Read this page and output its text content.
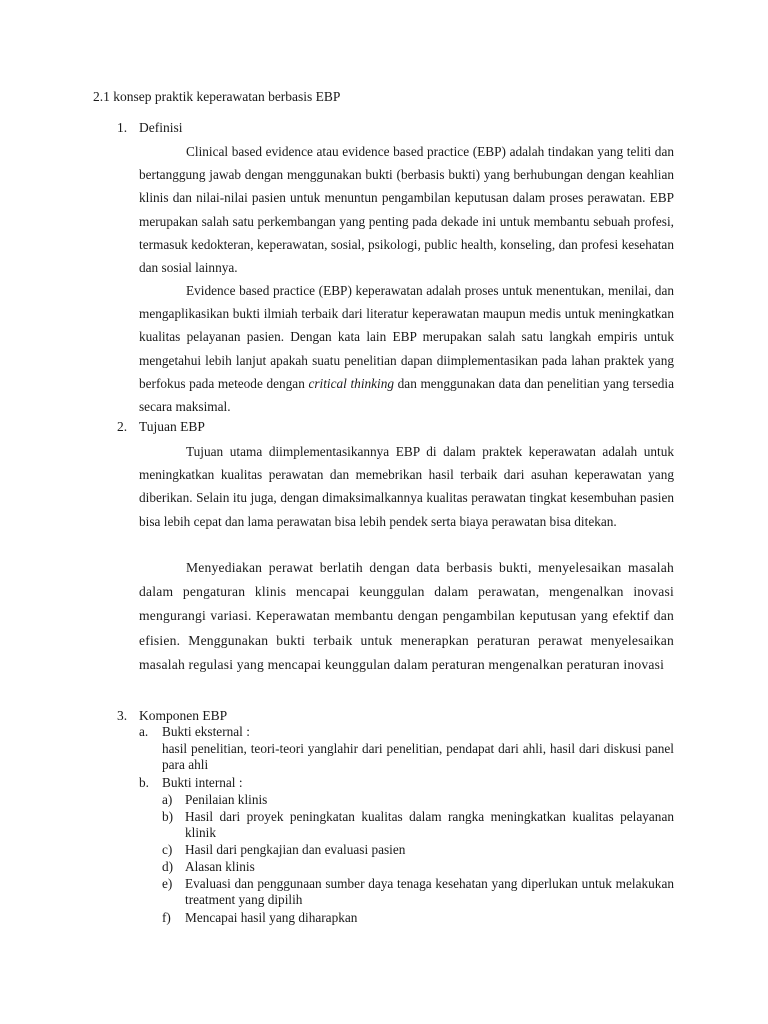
2.1 konsep praktik keperawatan berbasis EBP
1. Definisi
Clinical based evidence atau evidence based practice (EBP) adalah tindakan yang teliti dan bertanggung jawab dengan menggunakan bukti (berbasis bukti) yang berhubungan dengan keahlian klinis dan nilai-nilai pasien untuk menuntun pengambilan keputusan dalam proses perawatan. EBP merupakan salah satu perkembangan yang penting pada dekade ini untuk membantu sebuah profesi, termasuk kedokteran, keperawatan, sosial, psikologi, public health, konseling, dan profesi kesehatan dan sosial lainnya.
Evidence based practice (EBP) keperawatan adalah proses untuk menentukan, menilai, dan mengaplikasikan bukti ilmiah terbaik dari literatur keperawatan maupun medis untuk meningkatkan kualitas pelayanan pasien. Dengan kata lain EBP merupakan salah satu langkah empiris untuk mengetahui lebih lanjut apakah suatu penelitian dapan diimplementasikan pada lahan praktek yang berfokus pada meteode dengan critical thinking dan menggunakan data dan penelitian yang tersedia secara maksimal.
2. Tujuan EBP
Tujuan utama diimplementasikannya EBP di dalam praktek keperawatan adalah untuk meningkatkan kualitas perawatan dan memebrikan hasil terbaik dari asuhan keperawatan yang diberikan. Selain itu juga, dengan dimaksimalkannya kualitas perawatan tingkat kesembuhan pasien bisa lebih cepat dan lama perawatan bisa lebih pendek serta biaya perawatan bisa ditekan.
Menyediakan perawat berlatih dengan data berbasis bukti, menyelesaikan masalah dalam pengaturan klinis mencapai keunggulan dalam perawatan, mengenalkan inovasi mengurangi variasi. Keperawatan membantu dengan pengambilan keputusan yang efektif dan efisien. Menggunakan bukti terbaik untuk menerapkan peraturan perawat menyelesaikan masalah regulasi yang mencapai keunggulan dalam peraturan mengenalkan peraturan inovasi
3. Komponen EBP
a. Bukti eksternal :
hasil penelitian, teori-teori yanglahir dari penelitian, pendapat dari ahli, hasil dari diskusi panel para ahli
b. Bukti internal :
a) Penilaian klinis
b) Hasil dari proyek peningkatan kualitas dalam rangka meningkatkan kualitas pelayanan klinik
c) Hasil dari pengkajian dan evaluasi pasien
d) Alasan klinis
e) Evaluasi dan penggunaan sumber daya tenaga kesehatan yang diperlukan untuk melakukan treatment yang dipilih
f)	Mencapai hasil yang diharapkan
